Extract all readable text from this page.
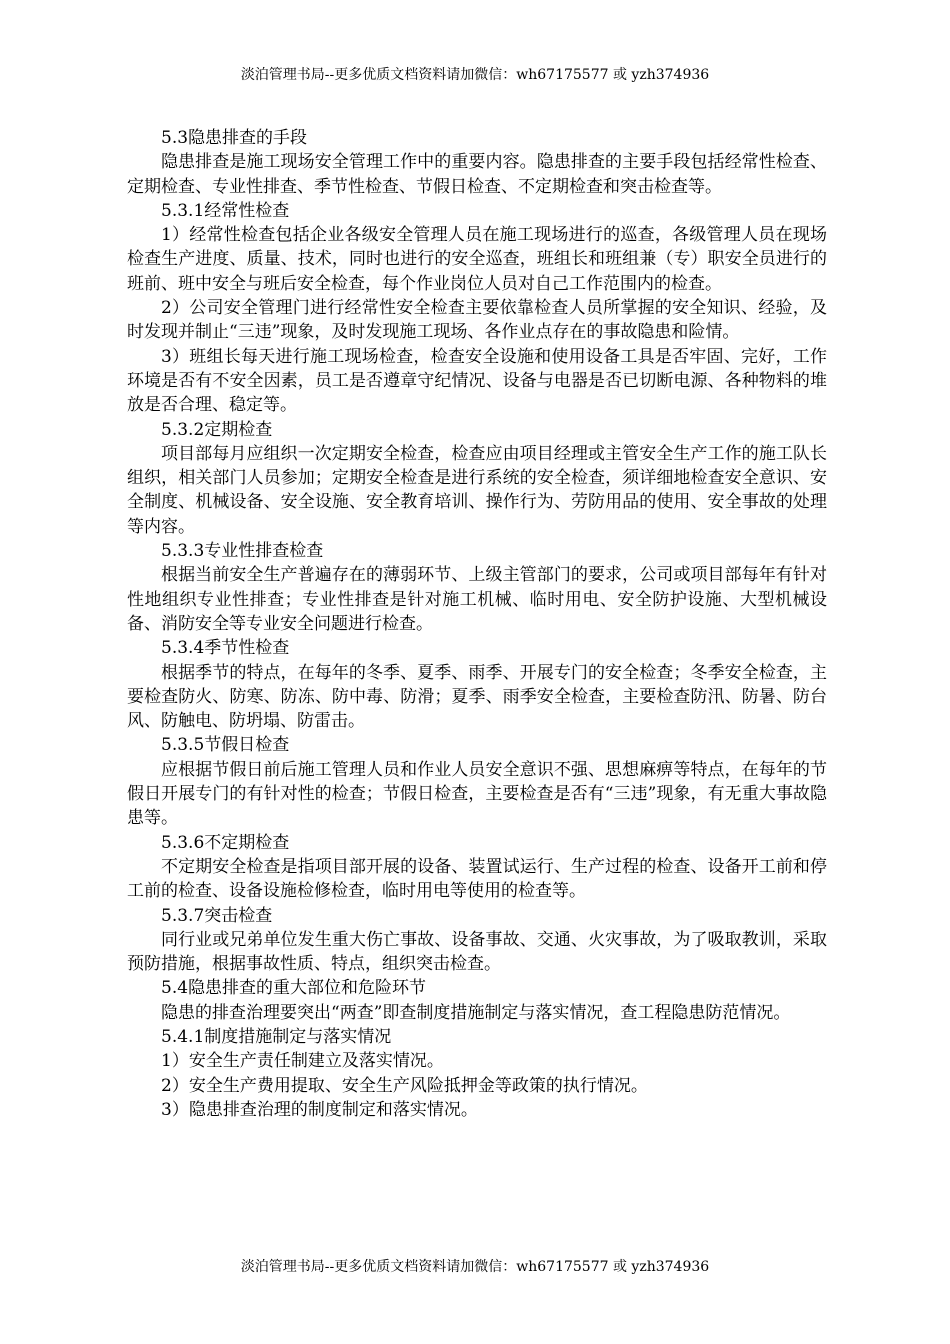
淡泊管理书局--更多优质文档资料请加微信：wh67175577 或 yzh374936

5.3隐患排查的手段

隐患排查是施工现场安全管理工作中的重要内容。隐患排查的主要手段包括经常性检查、定期检查、专业性排查、季节性检查、节假日检查、不定期检查和突击检查等。

5.3.1经常性检查

1）经常性检查包括企业各级安全管理人员在施工现场进行的巡查，各级管理人员在现场检查生产进度、质量、技术，同时也进行的安全巡查，班组长和班组兼（专）职安全员进行的班前、班中安全与班后安全检查，每个作业岗位人员对自己工作范围内的检查。

2）公司安全管理门进行经常性安全检查主要依靠检查人员所掌握的安全知识、经验，及时发现并制止“三违”现象，及时发现施工现场、各作业点存在的事故隐患和险情。

3）班组长每天进行施工现场检查，检查安全设施和使用设备工具是否牢固、完好，工作环境是否有不安全因素，员工是否遵章守纪情况、设备与电器是否已切断电源、各种物料的堆放是否合理、稳定等。

5.3.2定期检查

项目部每月应组织一次定期安全检查，检查应由项目经理或主管安全生产工作的施工队长组织，相关部门人员参加；定期安全检查是进行系统的安全检查，须详细地检查安全意识、安全制度、机械设备、安全设施、安全教育培训、操作行为、劳防用品的使用、安全事故的处理等内容。

5.3.3专业性排查检查

根据当前安全生产普遍存在的薄弱环节、上级主管部门的要求，公司或项目部每年有针对性地组织专业性排查；专业性排查是针对施工机械、临时用电、安全防护设施、大型机械设备、消防安全等专业安全问题进行检查。

5.3.4季节性检查

根据季节的特点，在每年的冬季、夏季、雨季、开展专门的安全检查；冬季安全检查，主要检查防火、防寒、防冻、防中毒、防滑；夏季、雨季安全检查，主要检查防汛、防暑、防台风、防触电、防坍塌、防雷击。

5.3.5节假日检查

应根据节假日前后施工管理人员和作业人员安全意识不强、思想麻痹等特点，在每年的节假日开展专门的有针对性的检查；节假日检查，主要检查是否有“三违”现象，有无重大事故隐患等。

5.3.6不定期检查

不定期安全检查是指项目部开展的设备、装置试运行、生产过程的检查、设备开工前和停工前的检查、设备设施检修检查，临时用电等使用的检查等。

5.3.7突击检查

同行业或兄弟单位发生重大伤亡事故、设备事故、交通、火灾事故，为了吸取教训，采取预防措施，根据事故性质、特点，组织突击检查。

5.4隐患排查的重大部位和危险环节

隐患的排查治理要突出“两查”即查制度措施制定与落实情况，查工程隐患防范情况。

5.4.1制度措施制定与落实情况

1）安全生产责任制建立及落实情况。

2）安全生产费用提取、安全生产风险抵押金等政策的执行情况。

3）隐患排查治理的制度制定和落实情况。

淡泊管理书局--更多优质文档资料请加微信：wh67175577 或 yzh374936
